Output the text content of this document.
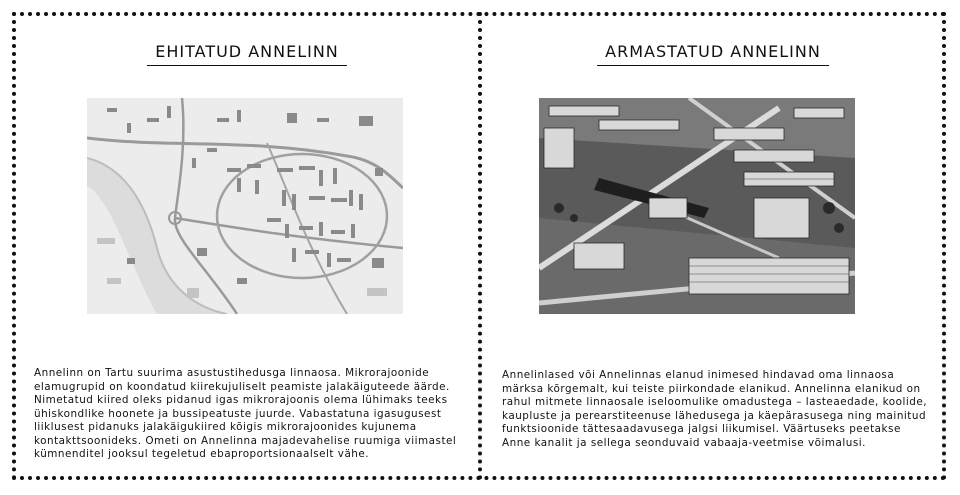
EHITATUD ANNELINN

Annelinn on Tartu suurima asustustihedusga linnaosa. Mikrorajoonide elamugrupid on koondatud kiirekujuliselt peamiste jalakäiguteede äärde. Nimetatud kiired oleks pidanud igas mikrorajoonis olema lühimaks teeks ühiskondlike hoonete ja bussipeatuste juurde. Vabastatuna igasugusest liiklusest pidanuks jalakäigukiired kõigis mikrorajoonides kujunema kontakttsoonideks. Ometi on Annelinna majadevahelise ruumiga viimastel kümnenditel jooksul tegeletud ebaproportsionaalselt vähe.

ARMASTATUD ANNELINN

Annelinlased või Annelinnas elanud inimesed hindavad oma linnaosa märksa kõrgemalt, kui teiste piirkondade elanikud. Annelinna elanikud on rahul mitmete linnaosale iseloomulike omadustega – lasteaedade, koolide, kaupluste ja perearstiteenuse lähedusega ja käepärasusega ning mainitud funktsioonide tättesaadavusega jalgsi liikumisel. Väärtuseks peetakse Anne kanalit ja sellega seonduvaid vabaaja-veetmise võimalusi.
